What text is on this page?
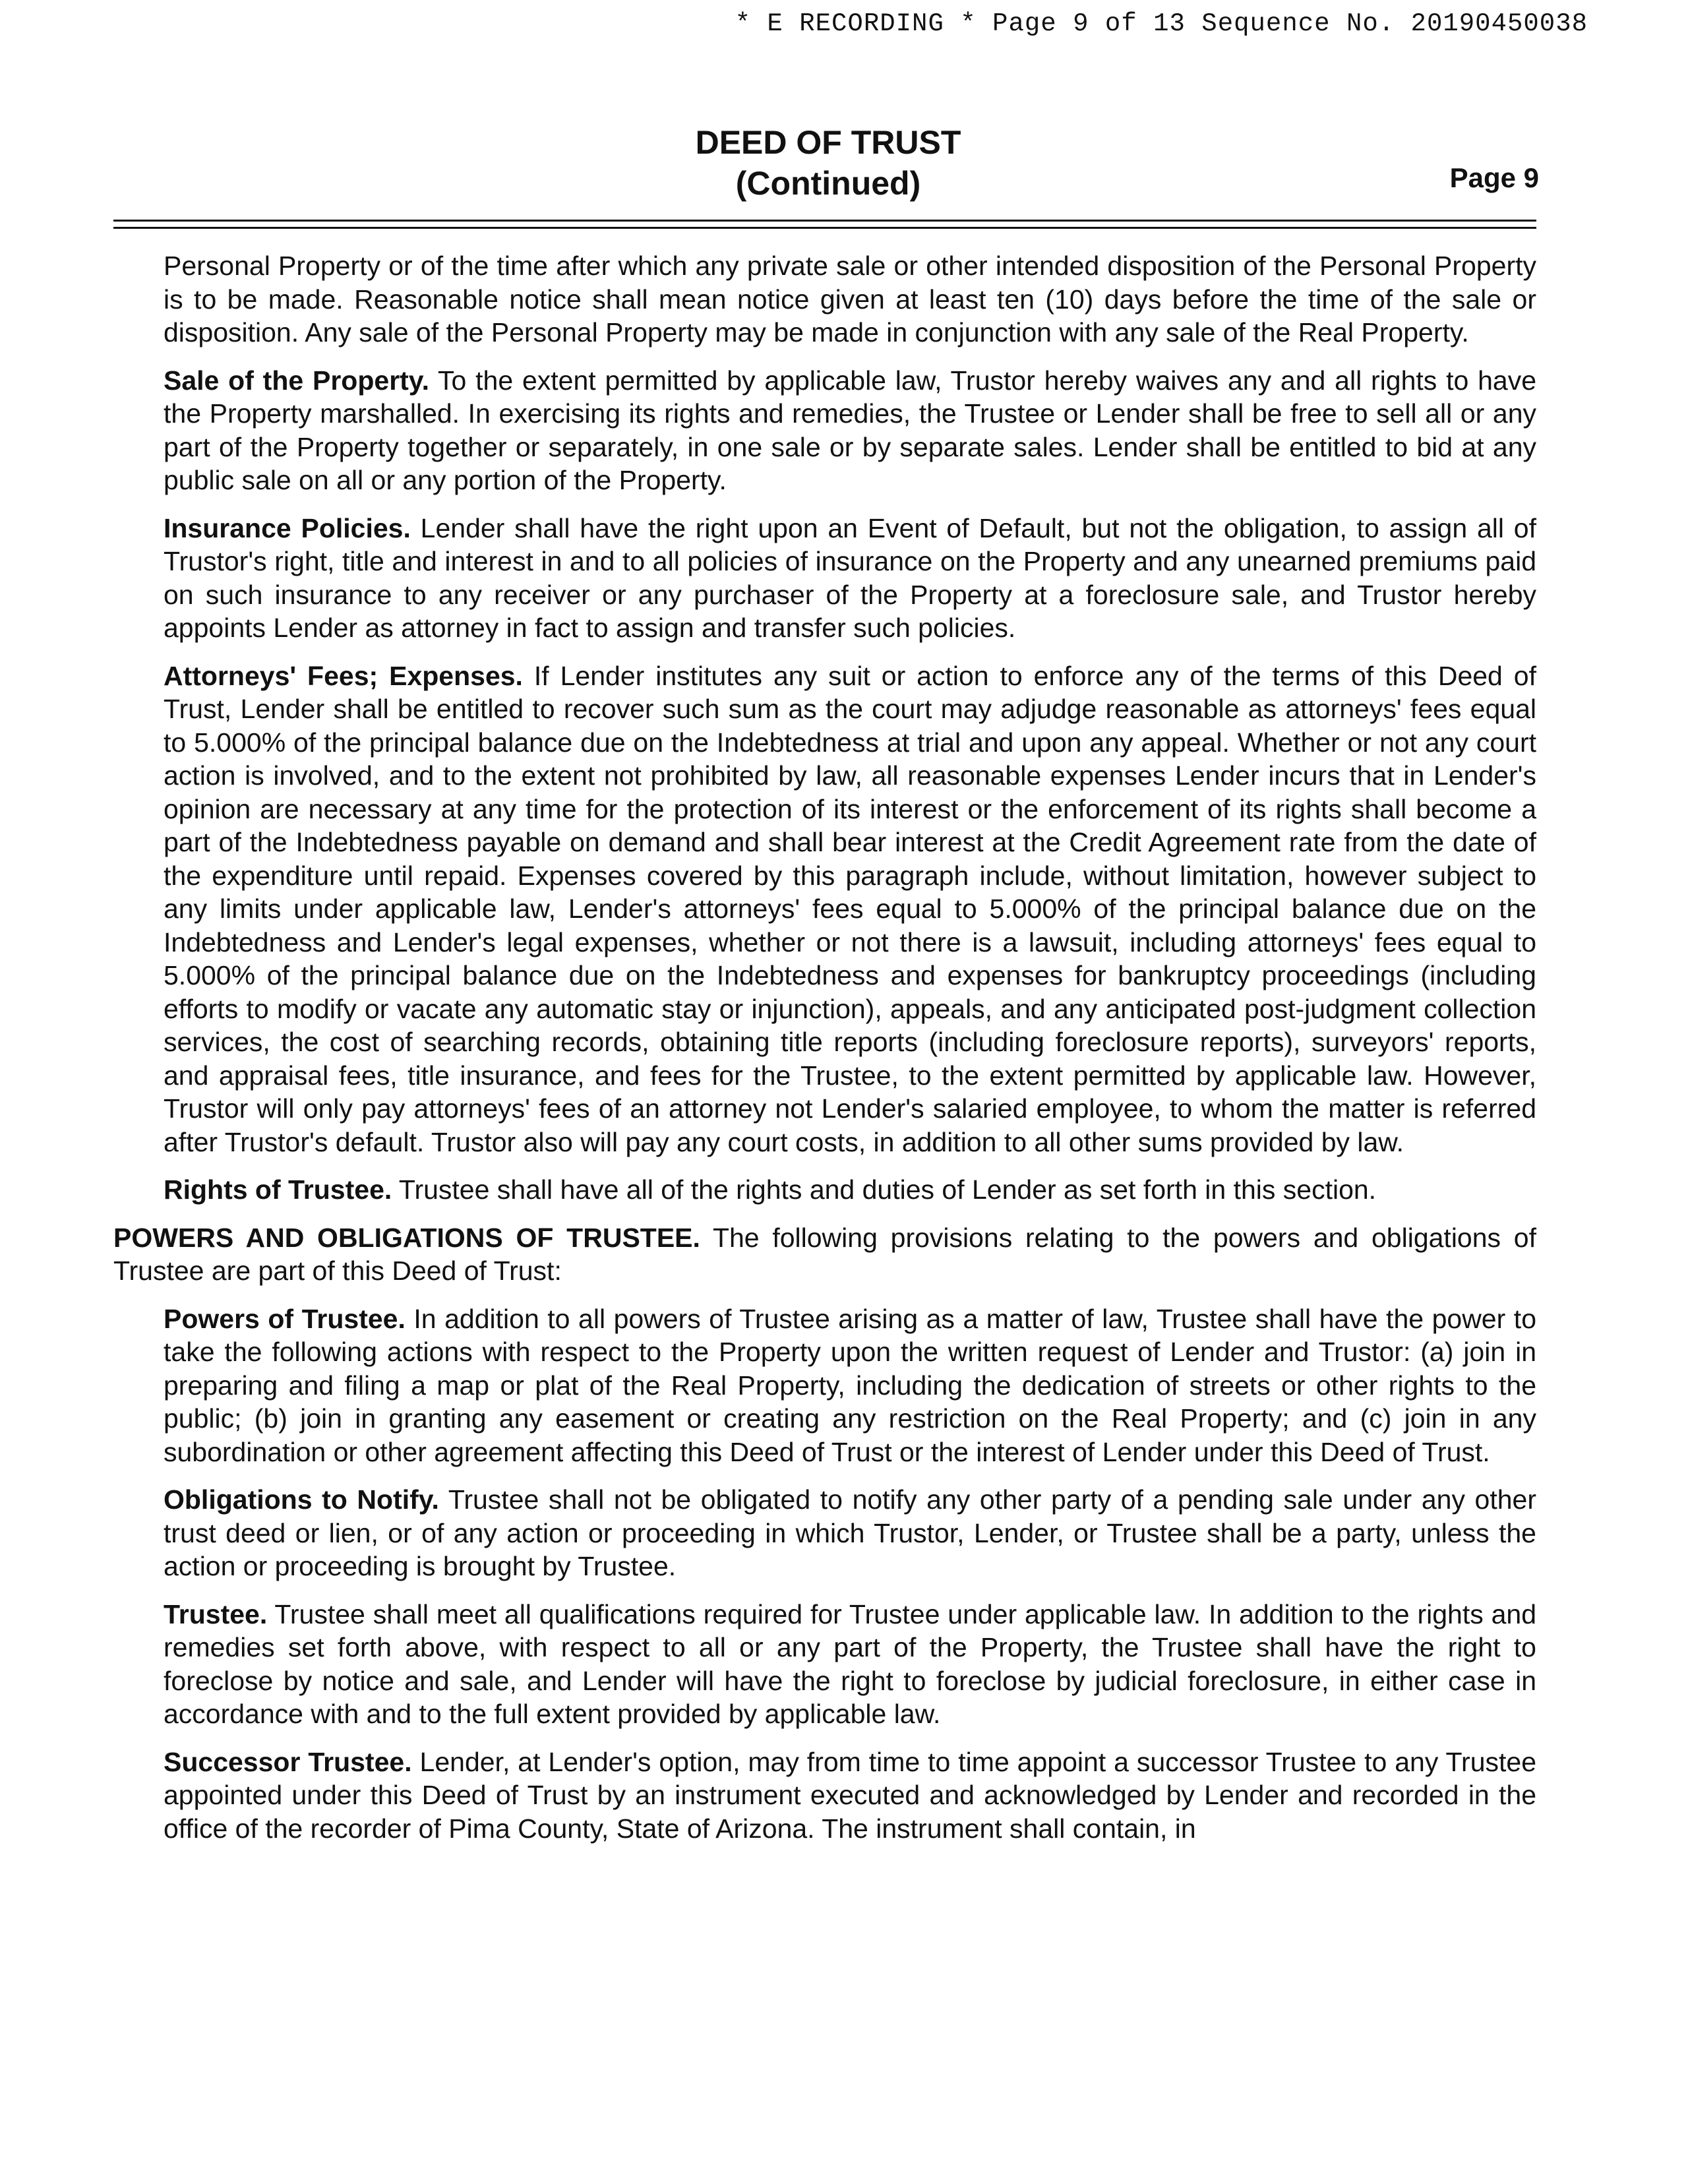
* E RECORDING * Page 9 of 13 Sequence No. 20190450038
DEED OF TRUST
(Continued)	Page 9

Personal Property or of the time after which any private sale or other intended disposition of the Personal Property is to be made. Reasonable notice shall mean notice given at least ten (10) days before the time of the sale or disposition. Any sale of the Personal Property may be made in conjunction with any sale of the Real Property.

Sale of the Property. To the extent permitted by applicable law, Trustor hereby waives any and all rights to have the Property marshalled. In exercising its rights and remedies, the Trustee or Lender shall be free to sell all or any part of the Property together or separately, in one sale or by separate sales. Lender shall be entitled to bid at any public sale on all or any portion of the Property.

Insurance Policies. Lender shall have the right upon an Event of Default, but not the obligation, to assign all of Trustor's right, title and interest in and to all policies of insurance on the Property and any unearned premiums paid on such insurance to any receiver or any purchaser of the Property at a foreclosure sale, and Trustor hereby appoints Lender as attorney in fact to assign and transfer such policies.

Attorneys' Fees; Expenses. If Lender institutes any suit or action to enforce any of the terms of this Deed of Trust, Lender shall be entitled to recover such sum as the court may adjudge reasonable as attorneys' fees equal to 5.000% of the principal balance due on the Indebtedness at trial and upon any appeal. Whether or not any court action is involved, and to the extent not prohibited by law, all reasonable expenses Lender incurs that in Lender's opinion are necessary at any time for the protection of its interest or the enforcement of its rights shall become a part of the Indebtedness payable on demand and shall bear interest at the Credit Agreement rate from the date of the expenditure until repaid. Expenses covered by this paragraph include, without limitation, however subject to any limits under applicable law, Lender's attorneys' fees equal to 5.000% of the principal balance due on the Indebtedness and Lender's legal expenses, whether or not there is a lawsuit, including attorneys' fees equal to 5.000% of the principal balance due on the Indebtedness and expenses for bankruptcy proceedings (including efforts to modify or vacate any automatic stay or injunction), appeals, and any anticipated post-judgment collection services, the cost of searching records, obtaining title reports (including foreclosure reports), surveyors' reports, and appraisal fees, title insurance, and fees for the Trustee, to the extent permitted by applicable law. However, Trustor will only pay attorneys' fees of an attorney not Lender's salaried employee, to whom the matter is referred after Trustor's default. Trustor also will pay any court costs, in addition to all other sums provided by law.

Rights of Trustee. Trustee shall have all of the rights and duties of Lender as set forth in this section.

POWERS AND OBLIGATIONS OF TRUSTEE. The following provisions relating to the powers and obligations of Trustee are part of this Deed of Trust:

Powers of Trustee. In addition to all powers of Trustee arising as a matter of law, Trustee shall have the power to take the following actions with respect to the Property upon the written request of Lender and Trustor: (a) join in preparing and filing a map or plat of the Real Property, including the dedication of streets or other rights to the public; (b) join in granting any easement or creating any restriction on the Real Property; and (c) join in any subordination or other agreement affecting this Deed of Trust or the interest of Lender under this Deed of Trust.

Obligations to Notify. Trustee shall not be obligated to notify any other party of a pending sale under any other trust deed or lien, or of any action or proceeding in which Trustor, Lender, or Trustee shall be a party, unless the action or proceeding is brought by Trustee.

Trustee. Trustee shall meet all qualifications required for Trustee under applicable law. In addition to the rights and remedies set forth above, with respect to all or any part of the Property, the Trustee shall have the right to foreclose by notice and sale, and Lender will have the right to foreclose by judicial foreclosure, in either case in accordance with and to the full extent provided by applicable law.

Successor Trustee. Lender, at Lender's option, may from time to time appoint a successor Trustee to any Trustee appointed under this Deed of Trust by an instrument executed and acknowledged by Lender and recorded in the office of the recorder of Pima County, State of Arizona. The instrument shall contain, in
